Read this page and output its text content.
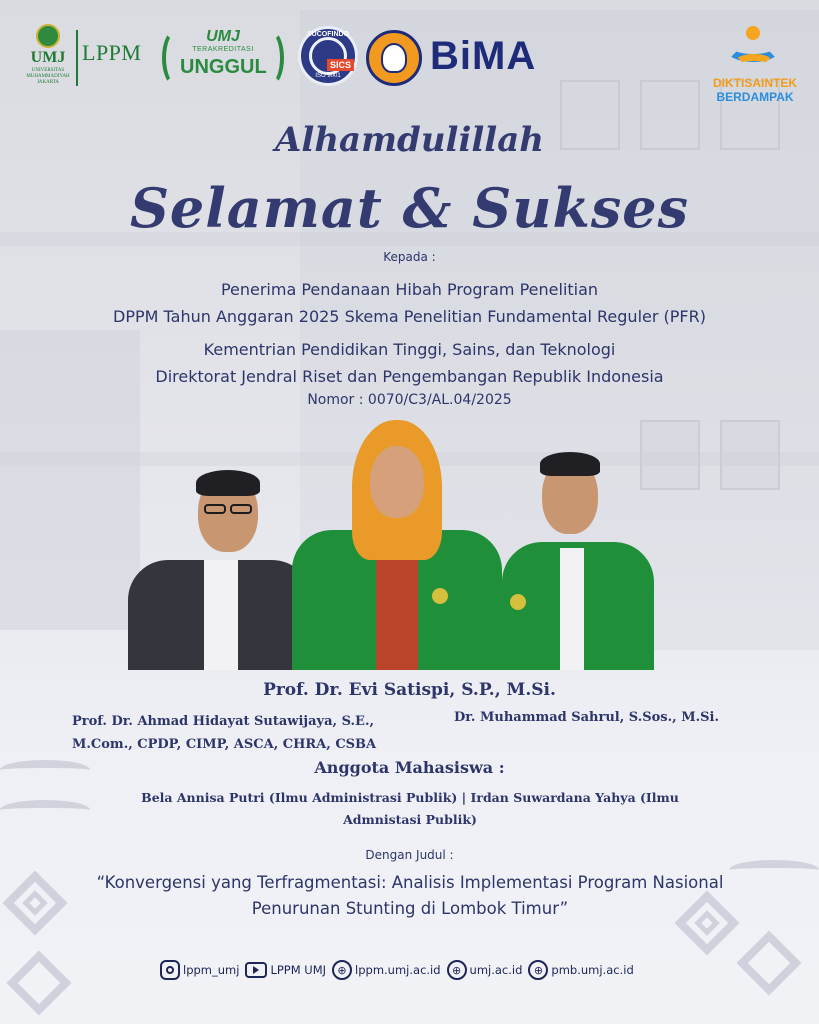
UMJ
UNIVERSITAS MUHAMMADIYAH JAKARTA
LPPM
UMJ
TERAKREDITASI
UNGGUL
SUCOFINDO
SICS
ISO 9001	BiMA
DIKTISAINTEK
BERDAMPAK
Alhamdulillah
Selamat & Sukses
Kepada :
Penerima Pendanaan Hibah Program Penelitian
DPPM Tahun Anggaran 2025 Skema Penelitian Fundamental Reguler (PFR)
Kementrian Pendidikan Tinggi, Sains, dan Teknologi
Direktorat Jendral Riset dan Pengembangan Republik Indonesia
Nomor : 0070/C3/AL.04/2025
Prof. Dr. Evi Satispi, S.P., M.Si.
Prof. Dr. Ahmad Hidayat Sutawijaya, S.E., M.Com., CPDP, CIMP, ASCA, CHRA, CSBA
Dr. Muhammad Sahrul, S.Sos., M.Si.
Anggota Mahasiswa :
Bela Annisa Putri (Ilmu Administrasi Publik) | Irdan Suwardana Yahya (Ilmu Admnistasi Publik)
Dengan Judul :
“Konvergensi yang Terfragmentasi: Analisis Implementasi Program Nasional Penurunan Stunting di Lombok Timur”
lppm_umj	LPPM UMJ	⊕ lppm.umj.ac.id	⊕ umj.ac.id	⊕ pmb.umj.ac.id
